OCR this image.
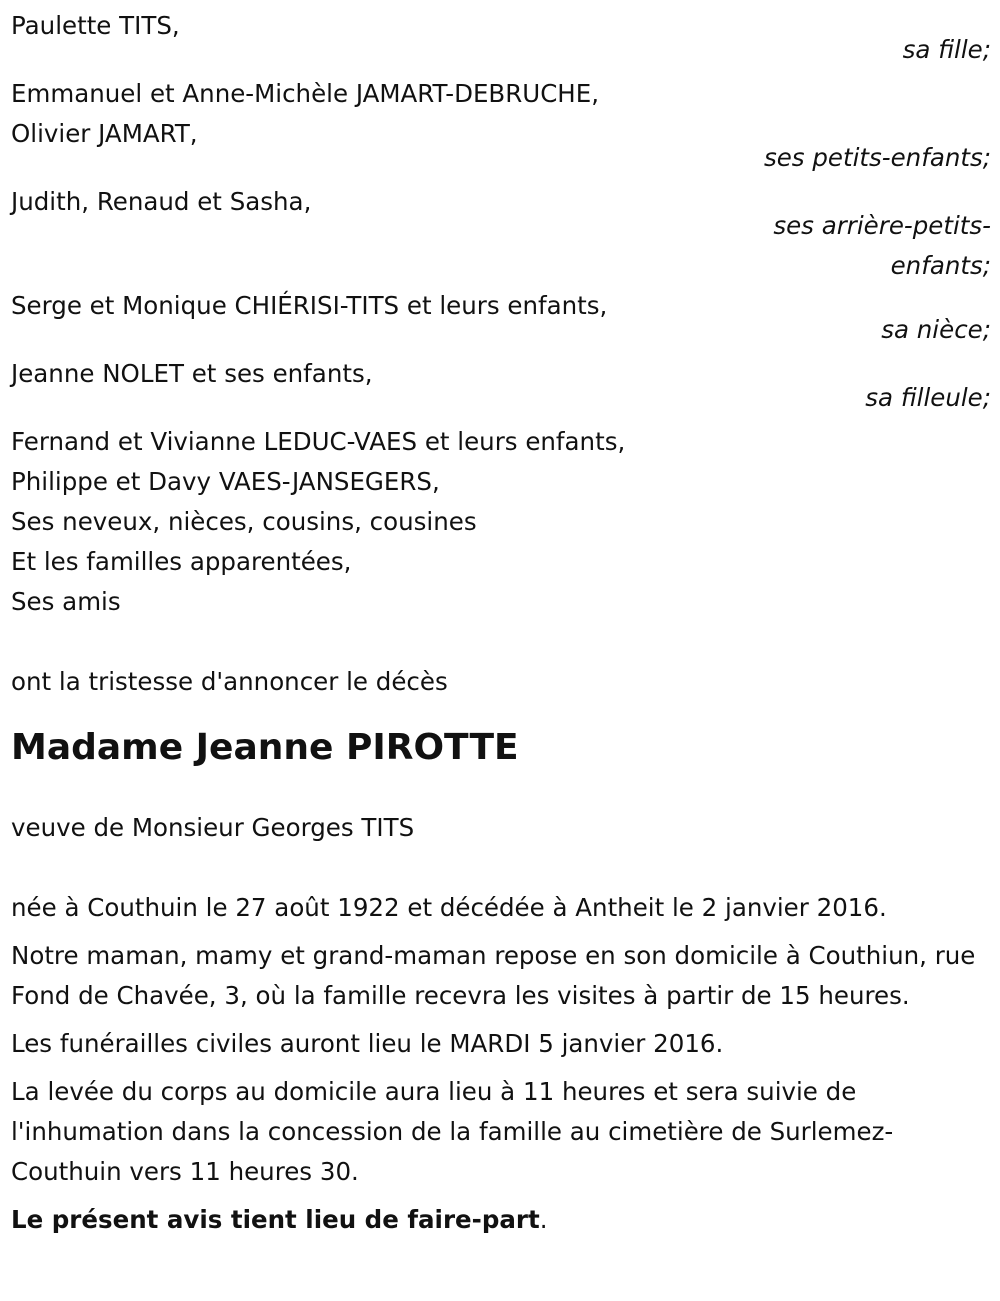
Paulette TITS,
sa fille;
Emmanuel et Anne-Michèle JAMART-DEBRUCHE,
Olivier JAMART,
ses petits-enfants;
Judith, Renaud et Sasha,
ses arrière-petits-
enfants;
Serge et Monique CHIÉRISI-TITS et leurs enfants,
sa nièce;
Jeanne NOLET et ses enfants,
sa filleule;
Fernand et Vivianne LEDUC-VAES et leurs enfants,
Philippe et Davy VAES-JANSEGERS,
Ses neveux, nièces, cousins, cousines
Et les familles apparentées,
Ses amis
ont la tristesse d'annoncer le décès
Madame Jeanne PIROTTE
veuve de Monsieur Georges TITS
née à Couthuin le 27 août 1922 et décédée à Antheit le 2 janvier 2016.
Notre maman, mamy et grand-maman repose en son domicile à Couthiun, rue Fond de Chavée, 3, où la famille recevra les visites à partir de 15 heures.
Les funérailles civiles auront lieu le MARDI 5 janvier 2016.
La levée du corps au domicile aura lieu à 11 heures et sera suivie de l'inhumation dans la concession de la famille au cimetière de Surlemez-Couthuin vers 11 heures 30.
Le présent avis tient lieu de faire-part.
